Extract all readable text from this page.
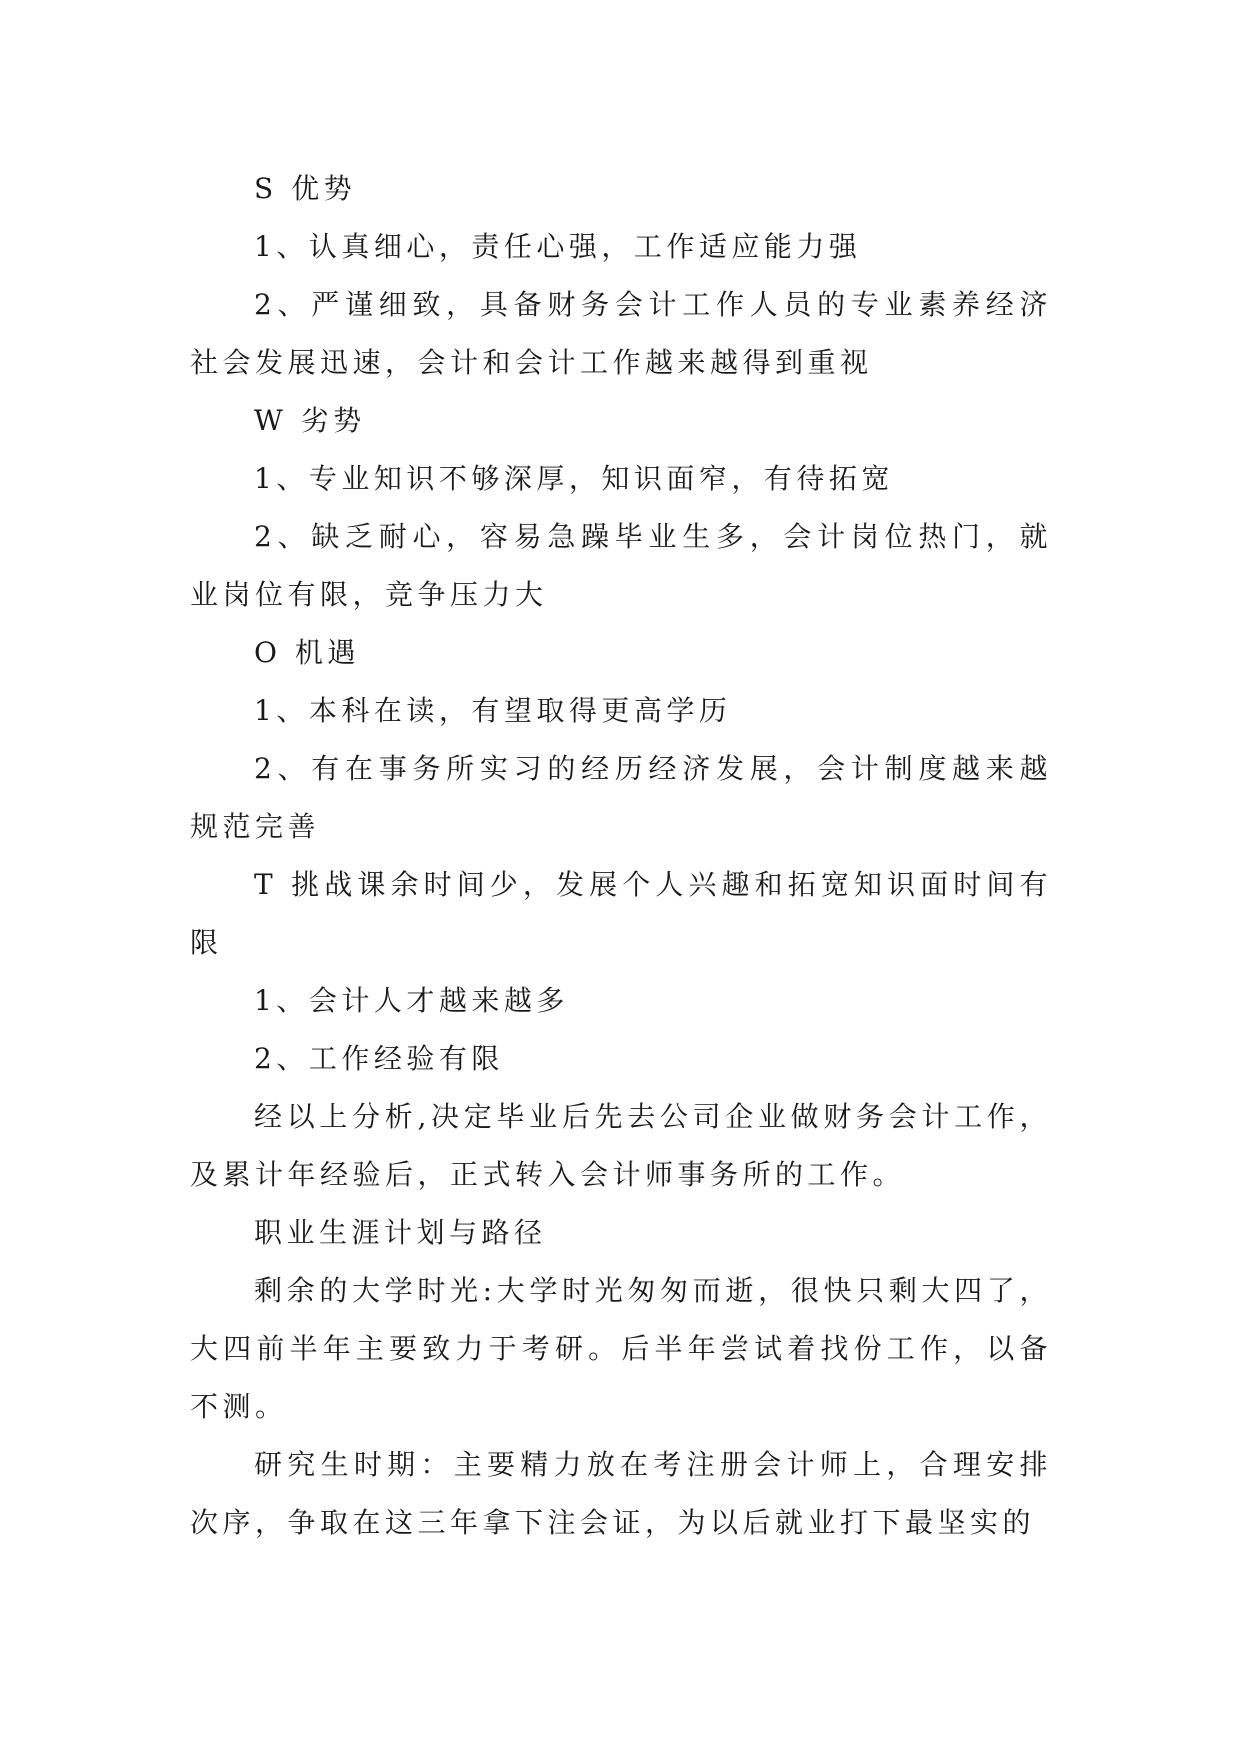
S 优势

1、认真细心，责任心强，工作适应能力强

2、严谨细致，具备财务会计工作人员的专业素养经济社会发展迅速，会计和会计工作越来越得到重视

W 劣势

1、专业知识不够深厚，知识面窄，有待拓宽

2、缺乏耐心，容易急躁毕业生多，会计岗位热门，就业岗位有限，竞争压力大

O 机遇

1、本科在读，有望取得更高学历

2、有在事务所实习的经历经济发展，会计制度越来越规范完善

T 挑战课余时间少，发展个人兴趣和拓宽知识面时间有限

1、会计人才越来越多

2、工作经验有限

经以上分析,决定毕业后先去公司企业做财务会计工作，及累计年经验后，正式转入会计师事务所的工作。

职业生涯计划与路径

剩余的大学时光:大学时光匆匆而逝，很快只剩大四了，大四前半年主要致力于考研。后半年尝试着找份工作，以备不测。

研究生时期：主要精力放在考注册会计师上，合理安排次序，争取在这三年拿下注会证，为以后就业打下最坚实的
